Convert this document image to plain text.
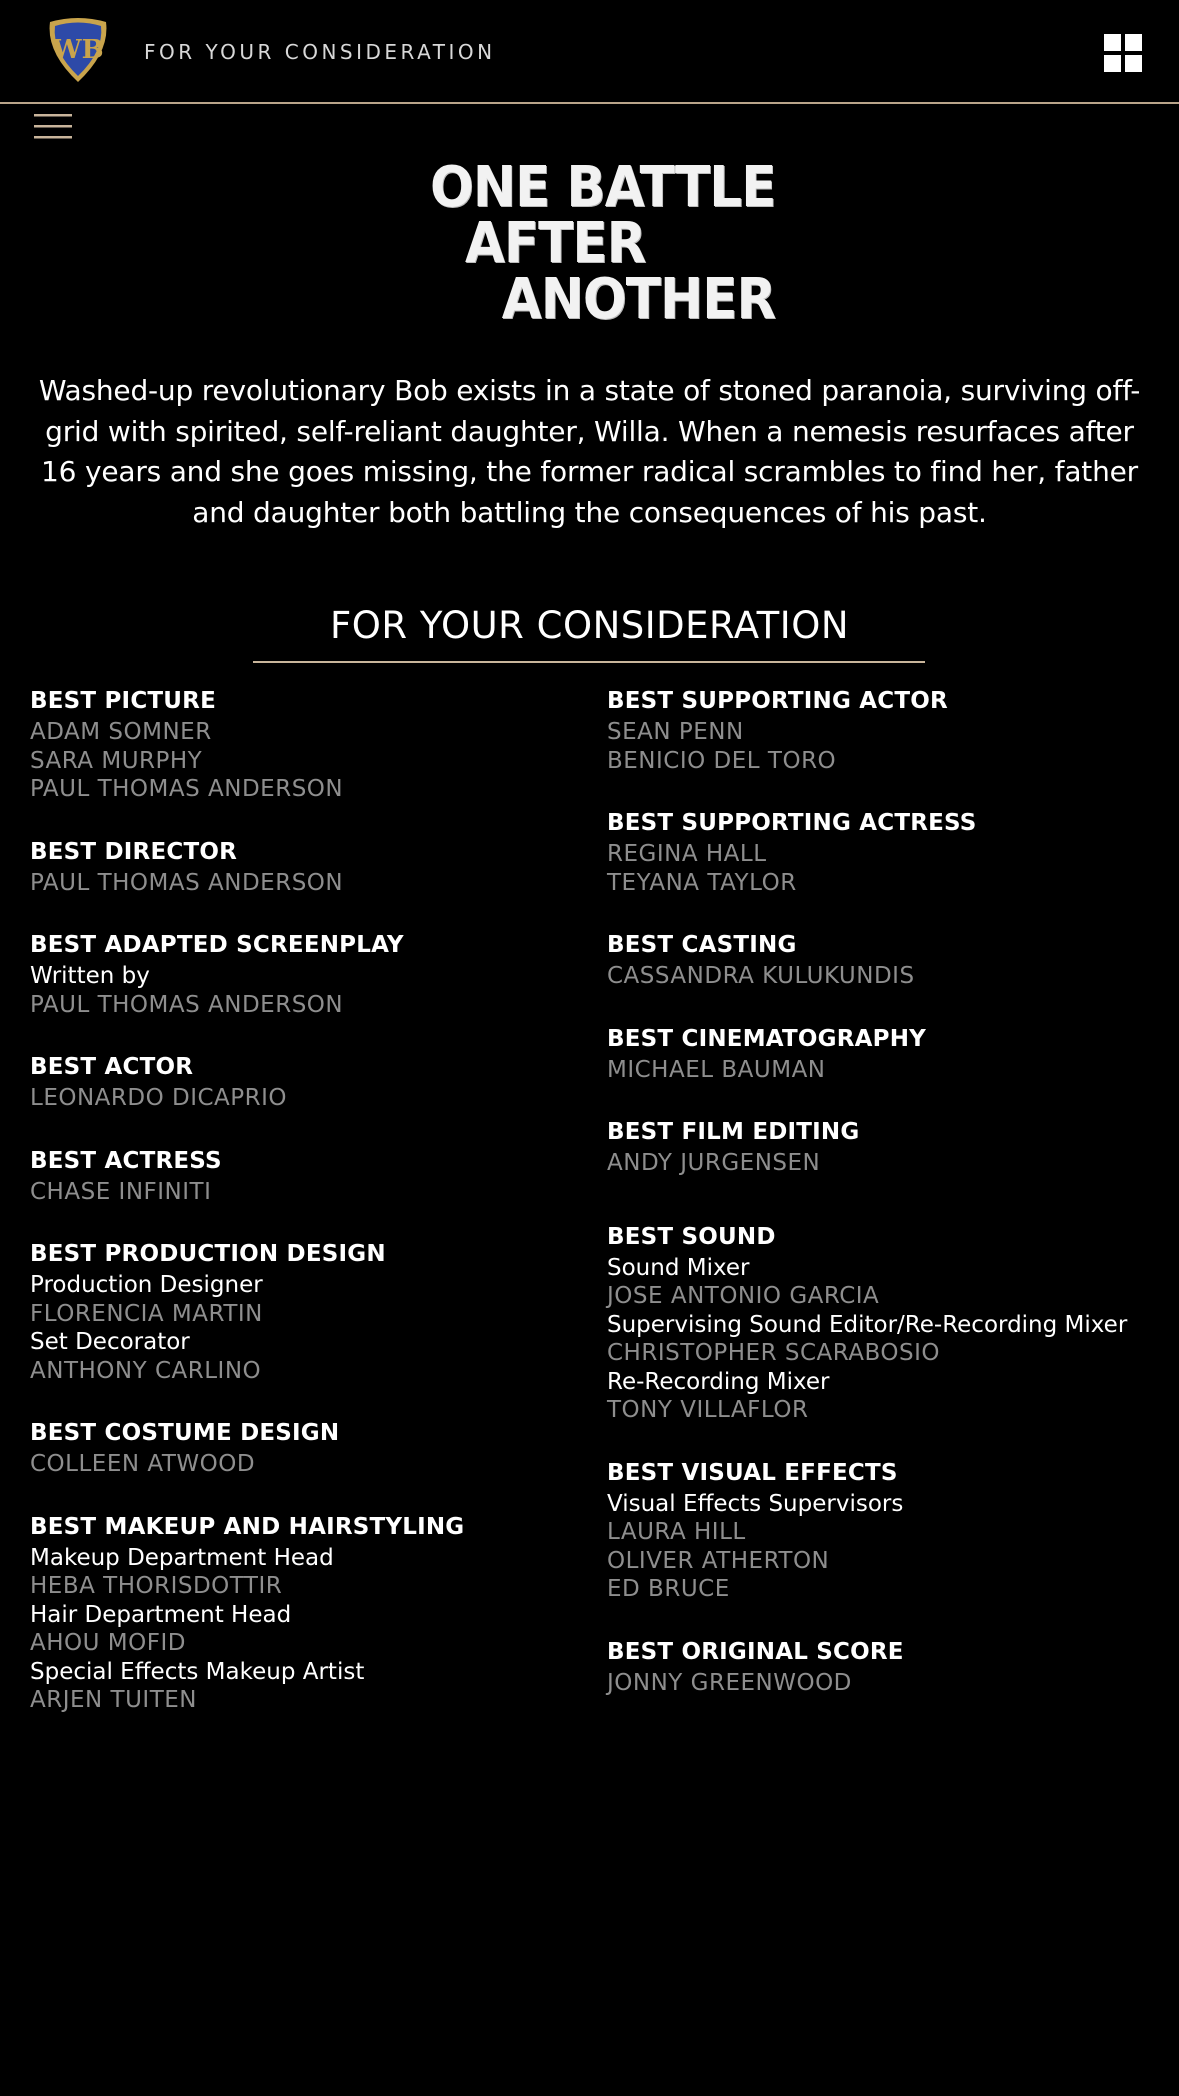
WB FOR YOUR CONSIDERATION
ONE BATTLE
AFTER
ANOTHER
Washed-up revolutionary Bob exists in a state of stoned paranoia, surviving off-grid with spirited, self-reliant daughter, Willa. When a nemesis resurfaces after 16 years and she goes missing, the former radical scrambles to find her, father and daughter both battling the consequences of his past.
FOR YOUR CONSIDERATION
BEST PICTURE
ADAM SOMNER
SARA MURPHY
PAUL THOMAS ANDERSON
BEST DIRECTOR
PAUL THOMAS ANDERSON
BEST ADAPTED SCREENPLAY
Written by
PAUL THOMAS ANDERSON
BEST ACTOR
LEONARDO DICAPRIO
BEST ACTRESS
CHASE INFINITI
BEST PRODUCTION DESIGN
Production Designer
FLORENCIA MARTIN
Set Decorator
ANTHONY CARLINO
BEST COSTUME DESIGN
COLLEEN ATWOOD
BEST MAKEUP AND HAIRSTYLING
Makeup Department Head
HEBA THORISDOTTIR
Hair Department Head
AHOU MOFID
Special Effects Makeup Artist
ARJEN TUITEN
BEST SUPPORTING ACTOR
SEAN PENN
BENICIO DEL TORO
BEST SUPPORTING ACTRESS
REGINA HALL
TEYANA TAYLOR
BEST CASTING
CASSANDRA KULUKUNDIS
BEST CINEMATOGRAPHY
MICHAEL BAUMAN
BEST FILM EDITING
ANDY JURGENSEN
BEST SOUND
Sound Mixer
JOSE ANTONIO GARCIA
Supervising Sound Editor/Re-Recording Mixer
CHRISTOPHER SCARABOSIO
Re-Recording Mixer
TONY VILLAFLOR
BEST VISUAL EFFECTS
Visual Effects Supervisors
LAURA HILL
OLIVER ATHERTON
ED BRUCE
BEST ORIGINAL SCORE
JONNY GREENWOOD
